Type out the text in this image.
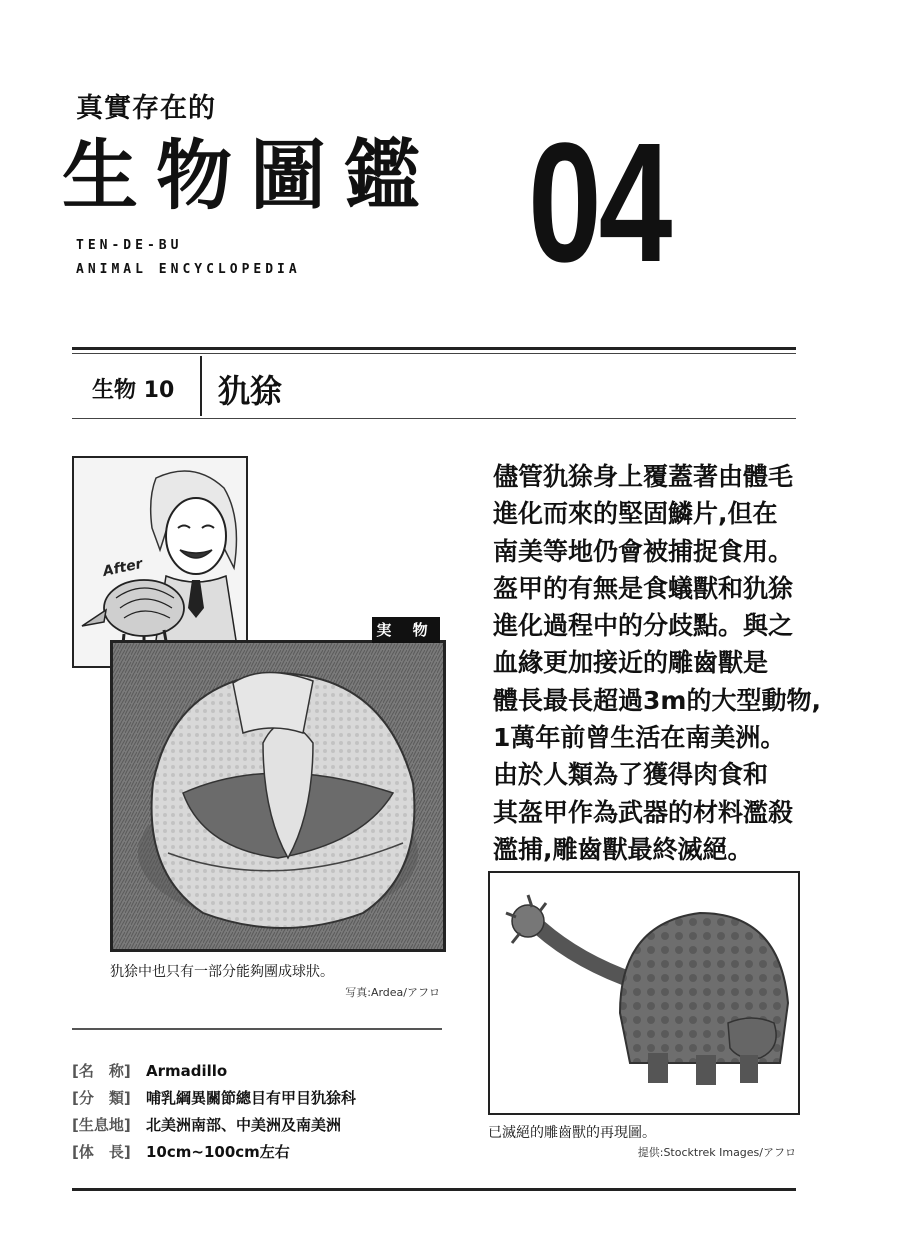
真實存在的
生物圖鑑
TEN-DE-BU
ANIMAL ENCYCLOPEDIA 04
生物 10 犰狳
After
実 物
犰狳中也只有一部分能夠團成球狀。
写真:Ardea/アフロ
儘管犰狳身上覆蓋著由體毛
進化而來的堅固鱗片,但在
南美等地仍會被捕捉食用。
盔甲的有無是食蟻獸和犰狳
進化過程中的分歧點。與之
血緣更加接近的雕齒獸是
體長最長超過3m的大型動物,
1萬年前曾生活在南美洲。
由於人類為了獲得肉食和
其盔甲作為武器的材料濫殺
濫捕,雕齒獸最終滅絕。
已滅絕的雕齒獸的再現圖。
提供:Stocktrek Images/アフロ
[名　称] Armadillo
[分　類] 哺乳綱異關節總目有甲目犰狳科
[生息地] 北美洲南部、中美洲及南美洲
[体　長] 10cm~100cm左右
